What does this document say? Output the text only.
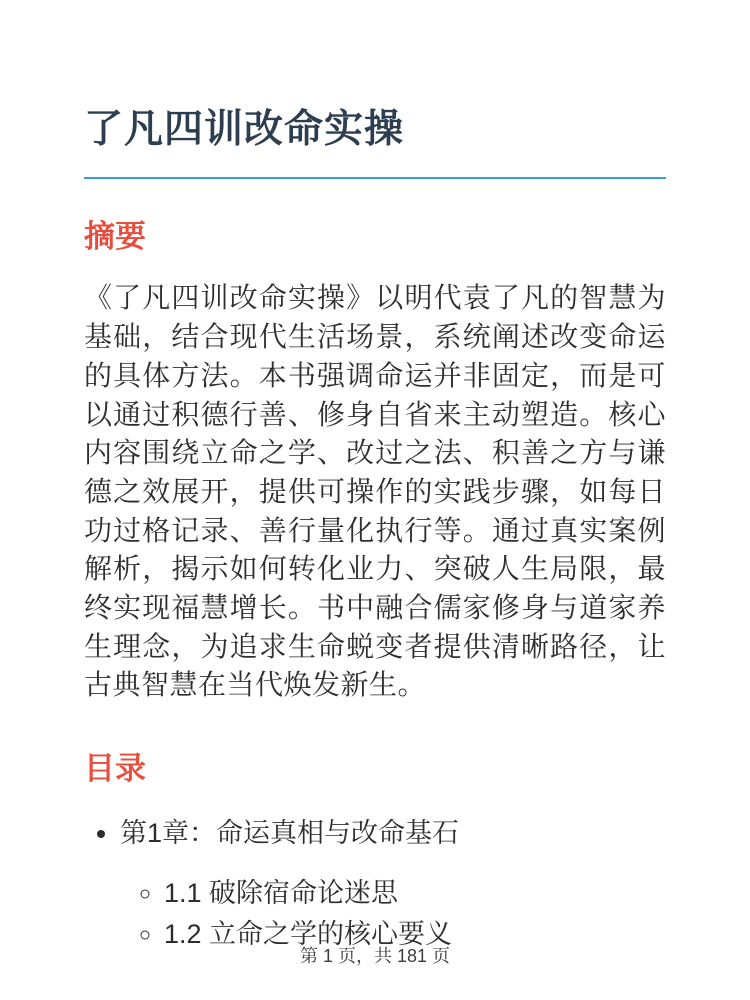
了凡四训改命实操
摘要

《了凡四训改命实操》以明代袁了凡的智慧为基础，结合现代生活场景，系统阐述改变命运的具体方法。本书强调命运并非固定，而是可以通过积德行善、修身自省来主动塑造。核心内容围绕立命之学、改过之法、积善之方与谦德之效展开，提供可操作的实践步骤，如每日功过格记录、善行量化执行等。通过真实案例解析，揭示如何转化业力、突破人生局限，最终实现福慧增长。书中融合儒家修身与道家养生理念，为追求生命蜕变者提供清晰路径，让古典智慧在当代焕发新生。

目录
• 第1章：命运真相与改命基石
◦ 1.1 破除宿命论迷思
◦ 1.2 立命之学的核心要义
第 1 页，共 181 页
